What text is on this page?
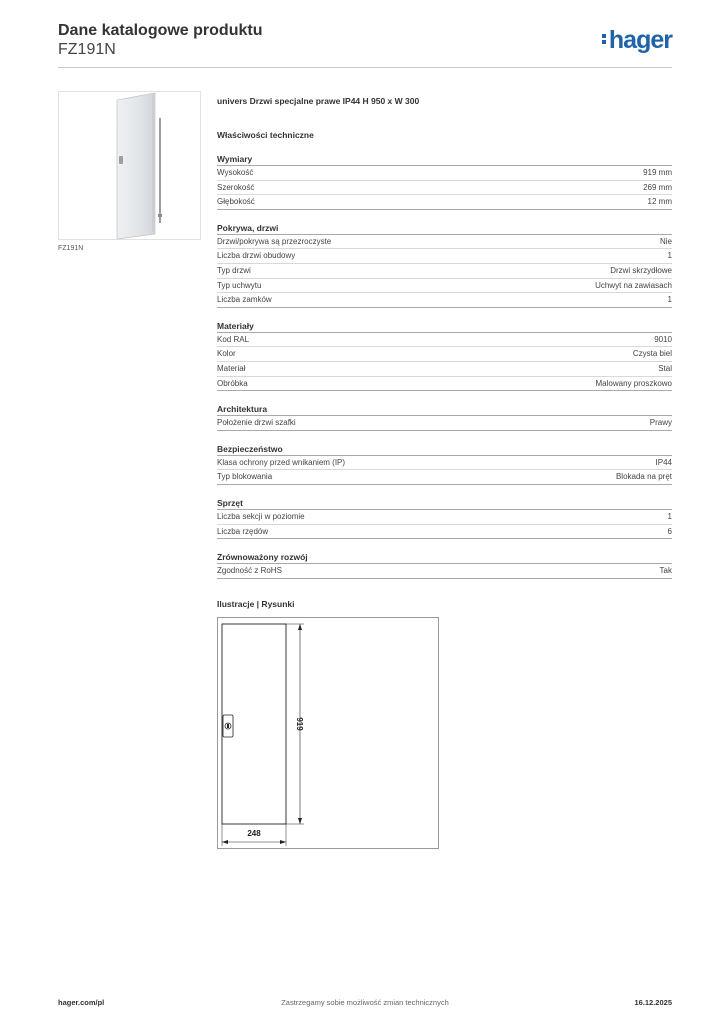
Dane katalogowe produktu
FZ191N	hager
FZ191N
univers Drzwi specjalne prawe IP44 H 950 x W 300
Właściwości techniczne
Wymiary
Wysokość	919 mm
Szerokość	269 mm
Głębokość	12 mm
Pokrywa, drzwi
Drzwi/pokrywa są przezroczyste	Nie
Liczba drzwi obudowy	1
Typ drzwi	Drzwi skrzydłowe
Typ uchwytu	Uchwyt na zawiasach
Liczba zamków	1
Materiały
Kod RAL	9010
Kolor	Czysta biel
Materiał	Stal
Obróbka	Malowany proszkowo
Architektura
Położenie drzwi szafki	Prawy
Bezpieczeństwo
Klasa ochrony przed wnikaniem (IP)	IP44
Typ blokowania	Blokada na pręt
Sprzęt
Liczba sekcji w poziomie	1
Liczba rzędów	6
Zrównoważony rozwój
Zgodność z RoHS	Tak
Ilustracje | Rysunki
919
248
hager.com/pl	Zastrzegamy sobie możliwość zmian technicznych	16.12.2025
